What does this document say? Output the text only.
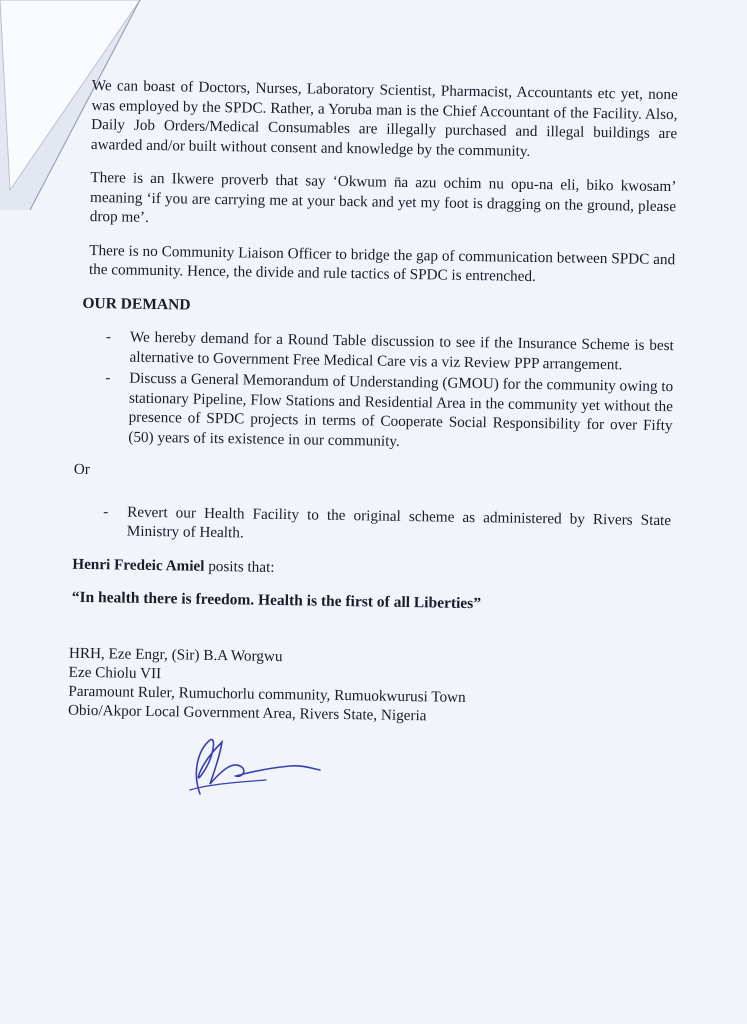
We can boast of Doctors, Nurses, Laboratory Scientist, Pharmacist, Accountants etc yet, none was employed by the SPDC. Rather, a Yoruba man is the Chief Accountant of the Facility. Also, Daily Job Orders/Medical Consumables are illegally purchased and illegal buildings are awarded and/or built without consent and knowledge by the community.

There is an Ikwere proverb that say ‘Okwum n̄a azu ochim nu opu-na eli, biko kwosam’ meaning ‘if you are carrying me at your back and yet my foot is dragging on the ground, please drop me’.

There is no Community Liaison Officer to bridge the gap of communication between SPDC and the community. Hence, the divide and rule tactics of SPDC is entrenched.

OUR DEMAND
- We hereby demand for a Round Table discussion to see if the Insurance Scheme is best alternative to Government Free Medical Care vis a viz Review PPP arrangement.
- Discuss a General Memorandum of Understanding (GMOU) for the community owing to stationary Pipeline, Flow Stations and Residential Area in the community yet without the presence of SPDC projects in terms of Cooperate Social Responsibility for over Fifty (50) years of its existence in our community.
Or
- Revert our Health Facility to the original scheme as administered by Rivers State Ministry of Health.
Henri Fredeic Amiel posits that:
“In health there is freedom. Health is the first of all Liberties”
HRH, Eze Engr, (Sir) B.A Worgwu
Eze Chiolu VII
Paramount Ruler, Rumuchorlu community, Rumuokwurusi Town
Obio/Akpor Local Government Area, Rivers State, Nigeria
